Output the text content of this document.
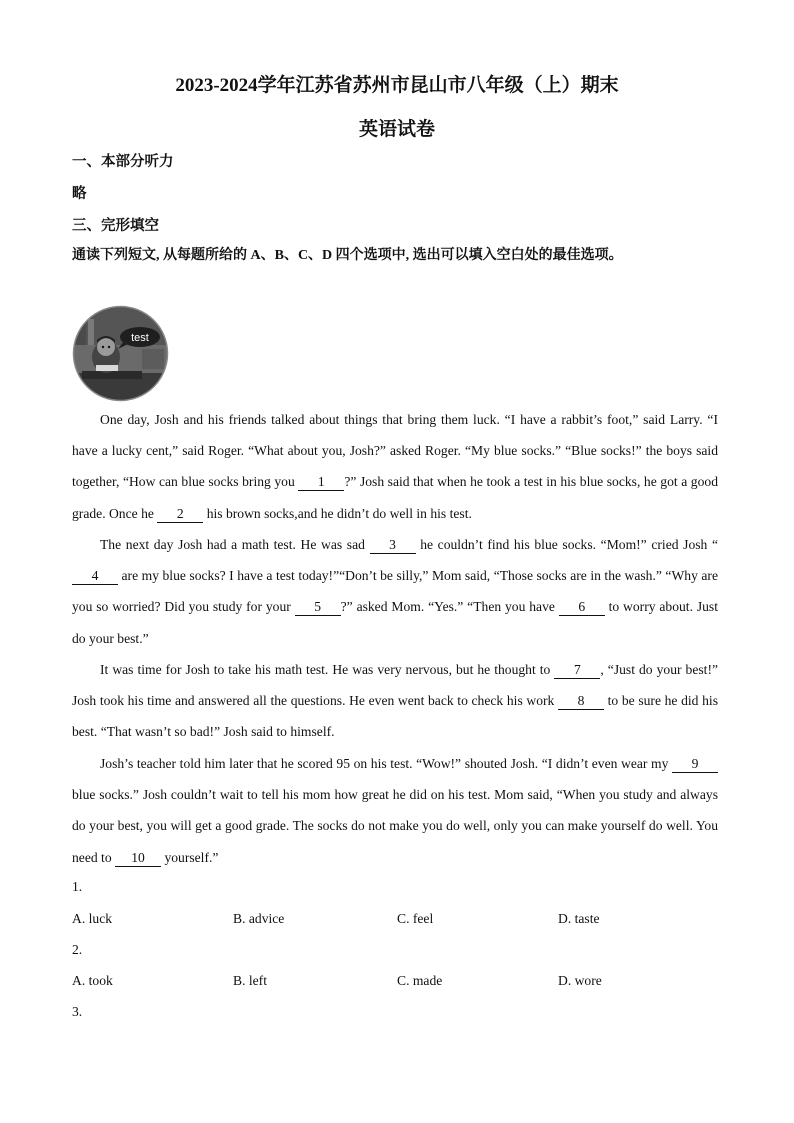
2023-2024学年江苏省苏州市昆山市八年级（上）期末
英语试卷
一、本部分听力
略
三、完形填空
通读下列短文, 从每题所给的 A、B、C、D 四个选项中, 选出可以填入空白处的最佳选项。
test

One day, Josh and his friends talked about things that bring them luck. “I have a rabbit’s foot,” said Larry. “I have a lucky cent,” said Roger. “What about you, Josh?” asked Roger. “My blue socks.” “Blue socks!” the boys said together, “How can blue socks bring you 1 ?” Josh said that when he took a test in his blue socks, he got a good grade. Once he 2 his brown socks,and he didn’t do well in his test.

The next day Josh had a math test. He was sad 3 he couldn’t find his blue socks. “Mom!” cried Josh “4 are my blue socks? I have a test today!”“Don’t be silly,” Mom said, “Those socks are in the wash.” “Why are you so worried? Did you study for your 5 ?” asked Mom. “Yes.” “Then you have 6 to worry about. Just do your best.”

It was time for Josh to take his math test. He was very nervous, but he thought to 7 , “Just do your best!” Josh took his time and answered all the questions. He even went back to check his work 8 to be sure he did his best. “That wasn’t so bad!” Josh said to himself.

Josh’s teacher told him later that he scored 95 on his test. “Wow!” shouted Josh. “I didn’t even wear my 9 blue socks.” Josh couldn’t wait to tell his mom how great he did on his test. Mom said, “When you study and always do your best, you will get a good grade. The socks do not make you do well, only you can make yourself do well. You need to 10 yourself.”

1.
A. luck	B. advice	C. feel	D. taste
2.
A. took	B. left	C. made	D. wore
3.
